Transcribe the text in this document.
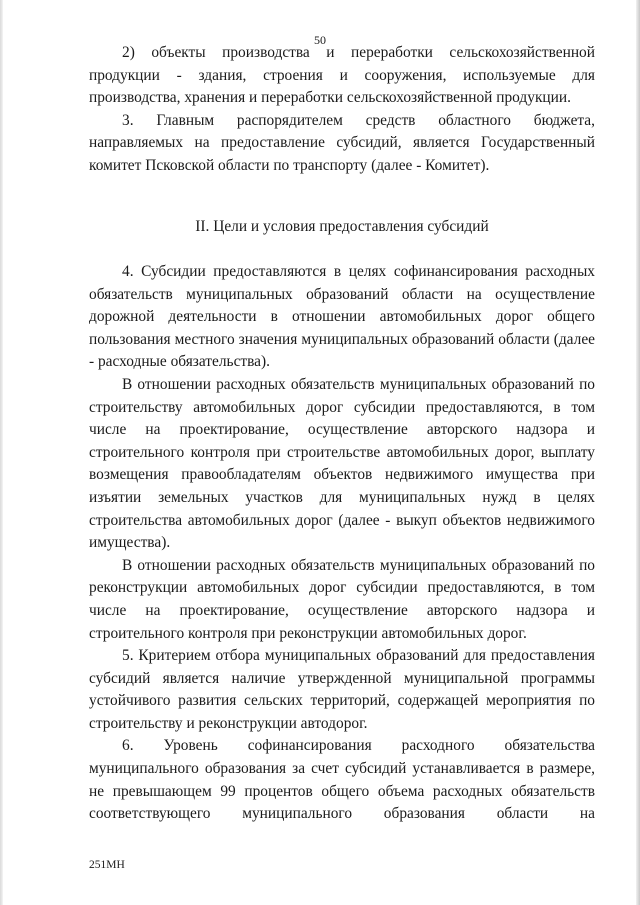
50

2) объекты производства и переработки сельскохозяйственной продукции - здания, строения и сооружения, используемые для производства, хранения и переработки сельскохозяйственной продукции.

3. Главным распорядителем средств областного бюджета, направляемых на предоставление субсидий, является Государственный комитет Псковской области по транспорту (далее - Комитет).

II. Цели и условия предоставления субсидий

4. Субсидии предоставляются в целях софинансирования расходных обязательств муниципальных образований области на осуществление дорожной деятельности в отношении автомобильных дорог общего пользования местного значения муниципальных образований области (далее - расходные обязательства).

В отношении расходных обязательств муниципальных образований по строительству автомобильных дорог субсидии предоставляются, в том числе на проектирование, осуществление авторского надзора и строительного контроля при строительстве автомобильных дорог, выплату возмещения правообладателям объектов недвижимого имущества при изъятии земельных участков для муниципальных нужд в целях строительства автомобильных дорог (далее - выкуп объектов недвижимого имущества).

В отношении расходных обязательств муниципальных образований по реконструкции автомобильных дорог субсидии предоставляются, в том числе на проектирование, осуществление авторского надзора и строительного контроля при реконструкции автомобильных дорог.

5. Критерием отбора муниципальных образований для предоставления субсидий является наличие утвержденной муниципальной программы устойчивого развития сельских территорий, содержащей мероприятия по строительству и реконструкции автодорог.

6. Уровень софинансирования расходного обязательства муниципального образования за счет субсидий устанавливается в размере, не превышающем 99 процентов общего объема расходных обязательств соответствующего муниципального образования области на

251МН
